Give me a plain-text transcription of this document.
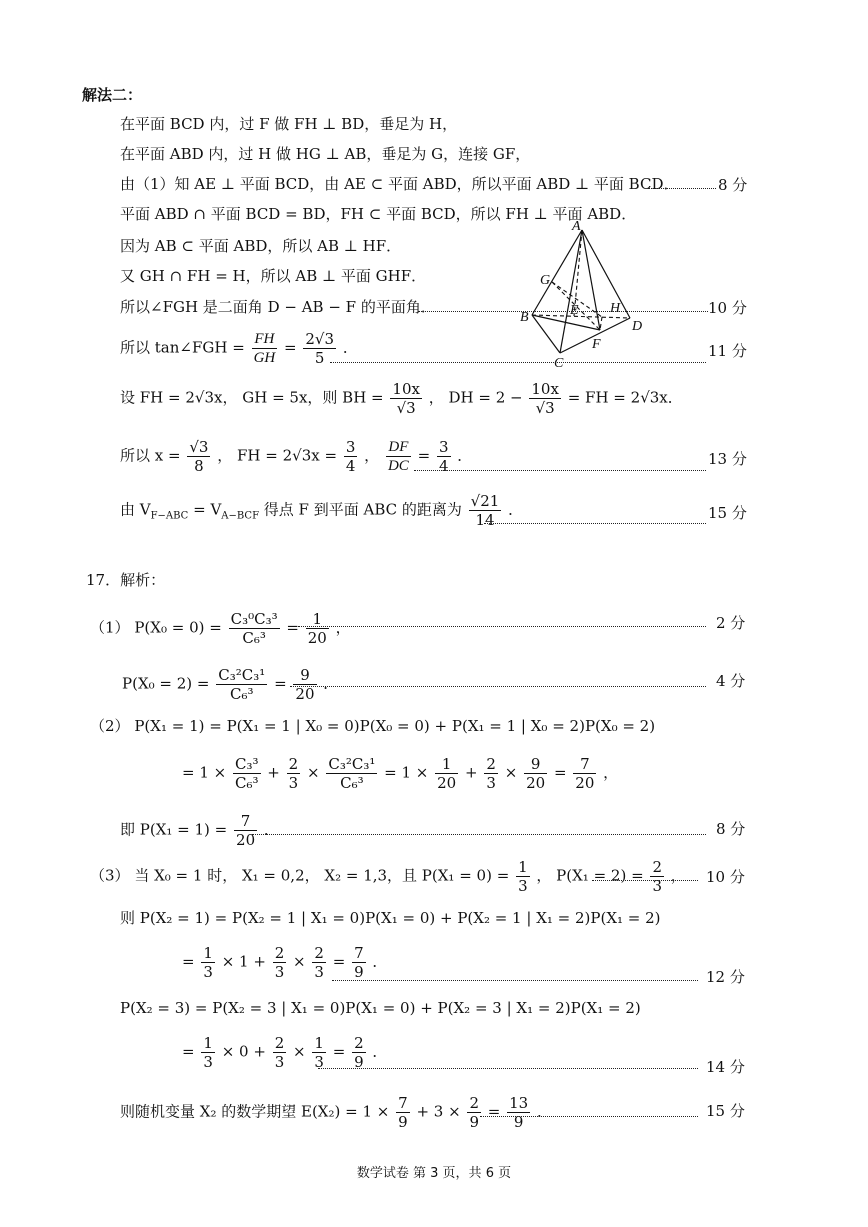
解法二：
在平面 BCD 内，过 F 做 FH ⊥ BD，垂足为 H，
在平面 ABD 内，过 H 做 HG ⊥ AB，垂足为 G，连接 GF，
由（1）知 AE ⊥ 平面 BCD，由 AE ⊂ 平面 ABD，所以平面 ABD ⊥ 平面 BCD．	8 分
平面 ABD ∩ 平面 BCD = BD，FH ⊂ 平面 BCD，所以 FH ⊥ 平面 ABD．
因为 AB ⊂ 平面 ABD，所以 AB ⊥ HF．
又 GH ∩ FH = H，所以 AB ⊥ 平面 GHF．
所以∠FGH 是二面角 D − AB − F 的平面角．	10 分
所以 tan∠FGH = $\frac{FH}{GH} = \frac{2√3}{5}$ ．	11 分
设 FH = 2√3x， GH = 5x，则 BH = $\frac{10x}{√3}$ ， DH = $2 - \frac{10x}{√3}$ = FH = 2√3x．
所以 $x = \frac{√3}{8}$ ， FH = $2√3x = \frac{3}{4}$ ， $\frac{DF}{DC} = \frac{3}{4}$ ．	13 分
由 $V_{F-ABC} = V_{A-BCF}$ 得点 F 到平面 ABC 的距离为 $\frac{√21}{14}$ ．	15 分
A
G
E H
B
D
F
C
17．解析：
（1） $P(X_0 = 0) = \frac{\text{C₃⁰C₃³}}{\text{C₆³}} = \frac{1}{20}$ ，	2 分
$P(X_0 = 2) = \frac{\text{C₃²C₃¹}}{\text{C₆³}} = \frac{9}{20}$ ．	4 分
（2） P(X₁ = 1) = P(X₁ = 1 | X₀ = 0)P(X₀ = 0) + P(X₁ = 1 | X₀ = 2)P(X₀ = 2)
= $1 \times \frac{\text{C₃³}}{\text{C₆³}} + \frac{2}{3} \times \frac{\text{C₃²C₃¹}}{\text{C₆³}} = 1 \times \frac{1}{20} + \frac{2}{3} \times \frac{9}{20} = \frac{7}{20}$ ，
即 $P(X_1 = 1) = \frac{7}{20}$ ．	8 分
（3） 当 X₀ = 1 时， X₁ = 0,2， X₂ = 1,3，且 $P(X_1 = 0) = \frac{1}{3}$ ， $P(X_1 = 2) = \frac{2}{3}$ ， 10 分
则 P(X₂ = 1) = P(X₂ = 1 | X₁ = 0)P(X₁ = 0) + P(X₂ = 1 | X₁ = 2)P(X₁ = 2)
= $\frac{1}{3} \times 1 + \frac{2}{3} \times \frac{2}{3} = \frac{7}{9}$ ．
12 分
P(X₂ = 3) = P(X₂ = 3 | X₁ = 0)P(X₁ = 0) + P(X₂ = 3 | X₁ = 2)P(X₁ = 2)
= $\frac{1}{3} \times 0 + \frac{2}{3} \times \frac{1}{3} = \frac{2}{9}$ ．
14 分
则随机变量 X₂ 的数学期望 $E(X_2) = 1 \times \frac{7}{9} + 3 \times \frac{2}{9} = \frac{13}{9}$ ．	15 分
数学试卷 第 3 页，共 6 页
